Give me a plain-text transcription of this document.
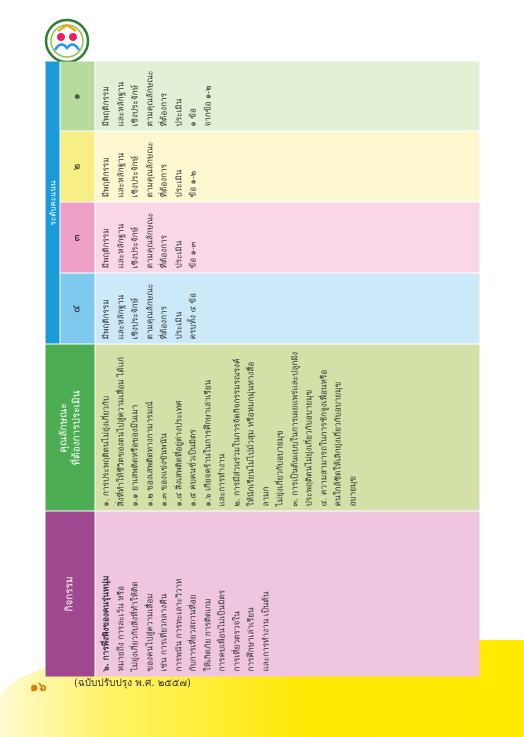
๑๖	(ฉบับปรับปรุง พ.ศ. ๒๕๕๗)
กิจกรรม
คุณลักษณะ
ที่ต้องการประเมิน
ระดับคะแนน
๔
๓
๒
๑

๖. การพึ่งพิงของคนรุ่นหนุ่ม หมายถึง การละเว้น หรือ ไม่ยุ่งเกี่ยวกับสิ่งที่ทำให้ติด ของคนไปสู่ความเสื่อม เช่น การเที่ยวกลางคืน การพนัน การทะเลาะวิวาท กับการเที่ยวสถานที่อย ให้เกิดภัย การติดเกม การคบเพื่อนไม่เป็นมิตร การเที่ยวตรวจใน การศึกษาเล่าเรียน และการทำงาน เป็นต้น

๑. การประพฤติตนไม่ยุ่งเกี่ยวกับ สิ่งที่ทำให้ชีวิตของตนไปสู่ความเสื่อม ได้แก่ ๑.๑ ยาเสพติดหรือของมึนเมา ๑.๒ ของเสพติดทางกามารมณ์ ๑.๓ ของแข่งขันพนัน ๑.๔ สิ่งเสพติดที่อยู่ต่างประเทศ ๑.๕ คบคนชั่วเป็นมิตร ๑.๖ เกียจคร้านในการศึกษาเล่าเรียน และการทำงาน ๒. การมีส่วนร่วมในการจัดกิจกรรมรณรงค์ ให้นักเรียนไม่ไปมั่วสุม หรือหมกมุ่นทางสื่อลามก ไม่ยุ่งเกี่ยวกับอบายมุข ๓. การเป็นต้นแบบในการเผยแพร่และปลูกฝัง ประพฤติตนไม่ยุ่งเกี่ยวกับอบายมุข ๔. ความสามารถในการชักจูงเพื่อนหรือ คนใกล้ชิดให้เลิกยุ่งเกี่ยวกับอบายมุข อบายมุข

มีพฤติกรรม และหลักฐาน เชิงประจักษ์ ตามคุณลักษณะ ที่ต้องการประเมิน ครบทั้ง ๔ ข้อ

มีพฤติกรรม และหลักฐาน เชิงประจักษ์ ตามคุณลักษณะ ที่ต้องการประเมิน ข้อ ๑-๓

มีพฤติกรรม และหลักฐาน เชิงประจักษ์ ตามคุณลักษณะ ที่ต้องการประเมิน ข้อ ๑-๒

มีพฤติกรรม และหลักฐาน เชิงประจักษ์ ตามคุณลักษณะ ที่ต้องการประเมิน ๑ ข้อ จากข้อ ๑-๒
